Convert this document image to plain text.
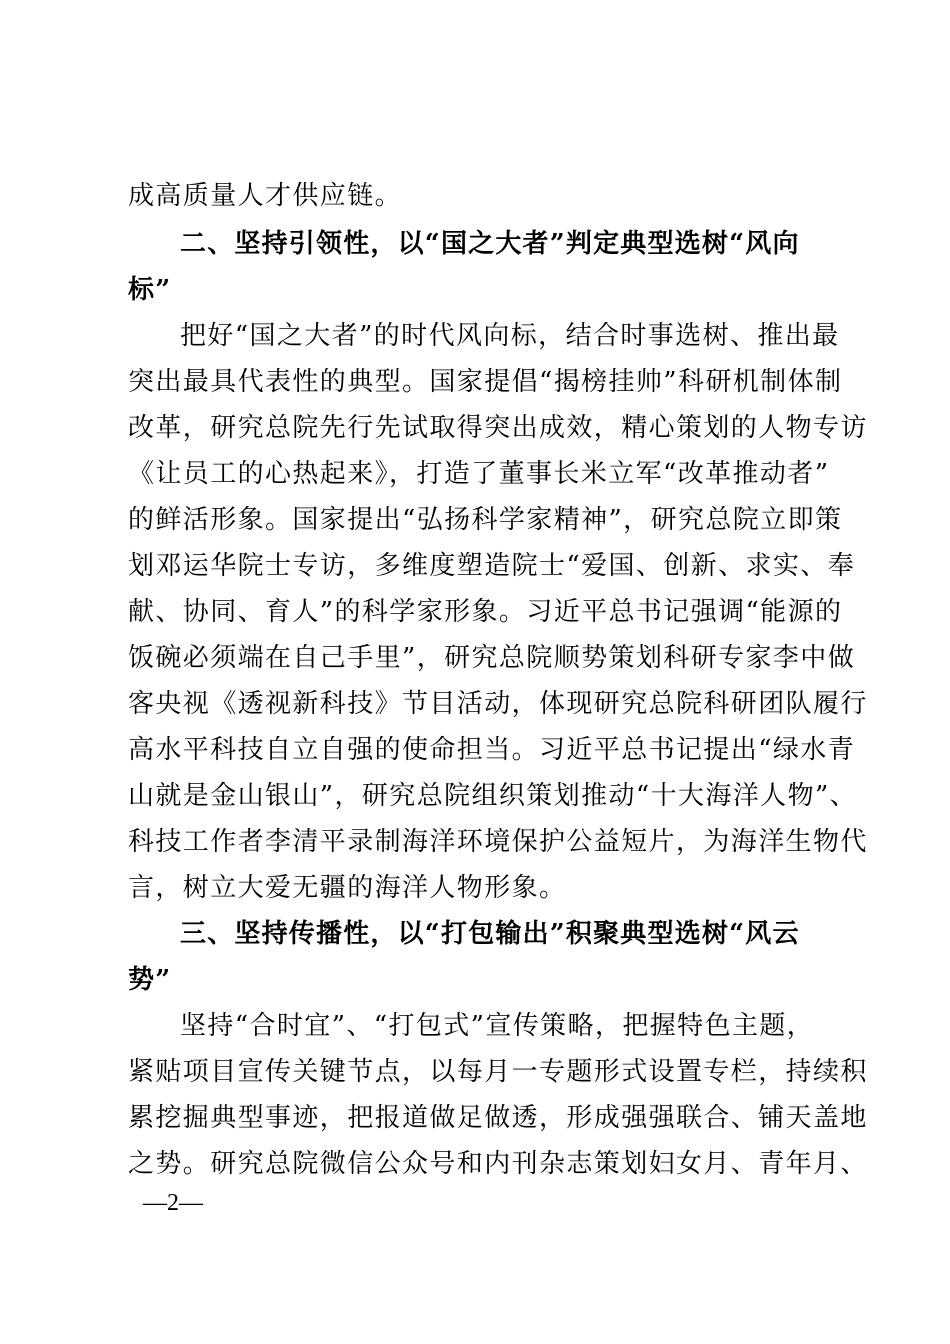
成高质量人才供应链。
二、坚持引领性，以“国之大者”判定典型选树“风向
标”
把好“国之大者”的时代风向标，结合时事选树、推出最
突出最具代表性的典型。国家提倡“揭榜挂帅”科研机制体制
改革，研究总院先行先试取得突出成效，精心策划的人物专访
《让员工的心热起来》，打造了董事长米立军“改革推动者”
的鲜活形象。国家提出“弘扬科学家精神”，研究总院立即策
划邓运华院士专访，多维度塑造院士“爱国、创新、求实、奉
献、协同、育人”的科学家形象。习近平总书记强调“能源的
饭碗必须端在自己手里”，研究总院顺势策划科研专家李中做
客央视《透视新科技》节目活动，体现研究总院科研团队履行
高水平科技自立自强的使命担当。习近平总书记提出“绿水青
山就是金山银山”，研究总院组织策划推动“十大海洋人物”、
科技工作者李清平录制海洋环境保护公益短片，为海洋生物代
言，树立大爱无疆的海洋人物形象。
三、坚持传播性，以“打包输出”积聚典型选树“风云
势”
坚持“合时宜”、“打包式”宣传策略，把握特色主题，
紧贴项目宣传关键节点，以每月一专题形式设置专栏，持续积
累挖掘典型事迹，把报道做足做透，形成强强联合、铺天盖地
之势。研究总院微信公众号和内刊杂志策划妇女月、青年月、
—2—
